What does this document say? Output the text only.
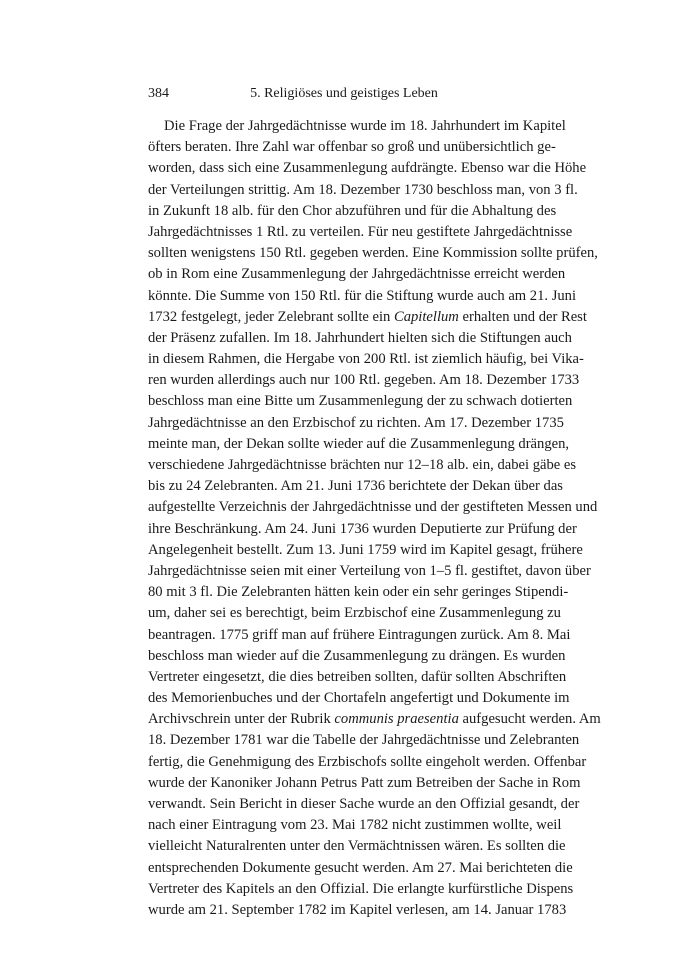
384	5. Religiöses und geistiges Leben
Die Frage der Jahrgedächtnisse wurde im 18. Jahrhundert im Kapitel
öfters beraten. Ihre Zahl war offenbar so groß und unübersichtlich ge-
worden, dass sich eine Zusammenlegung aufdrängte. Ebenso war die Höhe
der Verteilungen strittig. Am 18. Dezember 1730 beschloss man, von 3 fl.
in Zukunft 18 alb. für den Chor abzuführen und für die Abhaltung des
Jahrgedächtnisses 1 Rtl. zu verteilen. Für neu gestiftete Jahrgedächtnisse
sollten wenigstens 150 Rtl. gegeben werden. Eine Kommission sollte prüfen,
ob in Rom eine Zusammenlegung der Jahrgedächtnisse erreicht werden
könnte. Die Summe von 150 Rtl. für die Stiftung wurde auch am 21. Juni
1732 festgelegt, jeder Zelebrant sollte ein Capitellum erhalten und der Rest
der Präsenz zufallen. Im 18. Jahrhundert hielten sich die Stiftungen auch
in diesem Rahmen, die Hergabe von 200 Rtl. ist ziemlich häufig, bei Vika-
ren wurden allerdings auch nur 100 Rtl. gegeben. Am 18. Dezember 1733
beschloss man eine Bitte um Zusammenlegung der zu schwach dotierten
Jahrgedächtnisse an den Erzbischof zu richten. Am 17. Dezember 1735
meinte man, der Dekan sollte wieder auf die Zusammenlegung drängen,
verschiedene Jahrgedächtnisse brächten nur 12–18 alb. ein, dabei gäbe es
bis zu 24 Zelebranten. Am 21. Juni 1736 berichtete der Dekan über das
aufgestellte Verzeichnis der Jahrgedächtnisse und der gestifteten Messen und
ihre Beschränkung. Am 24. Juni 1736 wurden Deputierte zur Prüfung der
Angelegenheit bestellt. Zum 13. Juni 1759 wird im Kapitel gesagt, frühere
Jahrgedächtnisse seien mit einer Verteilung von 1–5 fl. gestiftet, davon über
80 mit 3 fl. Die Zelebranten hätten kein oder ein sehr geringes Stipendi-
um, daher sei es berechtigt, beim Erzbischof eine Zusammenlegung zu
beantragen. 1775 griff man auf frühere Eintragungen zurück. Am 8. Mai
beschloss man wieder auf die Zusammenlegung zu drängen. Es wurden
Vertreter eingesetzt, die dies betreiben sollten, dafür sollten Abschriften
des Memorienbuches und der Chortafeln angefertigt und Dokumente im
Archivschrein unter der Rubrik communis praesentia aufgesucht werden. Am
18. Dezember 1781 war die Tabelle der Jahrgedächtnisse und Zelebranten
fertig, die Genehmigung des Erzbischofs sollte eingeholt werden. Offenbar
wurde der Kanoniker Johann Petrus Patt zum Betreiben der Sache in Rom
verwandt. Sein Bericht in dieser Sache wurde an den Offizial gesandt, der
nach einer Eintragung vom 23. Mai 1782 nicht zustimmen wollte, weil
vielleicht Naturalrenten unter den Vermächtnissen wären. Es sollten die
entsprechenden Dokumente gesucht werden. Am 27. Mai berichteten die
Vertreter des Kapitels an den Offizial. Die erlangte kurfürstliche Dispens
wurde am 21. September 1782 im Kapitel verlesen, am 14. Januar 1783
